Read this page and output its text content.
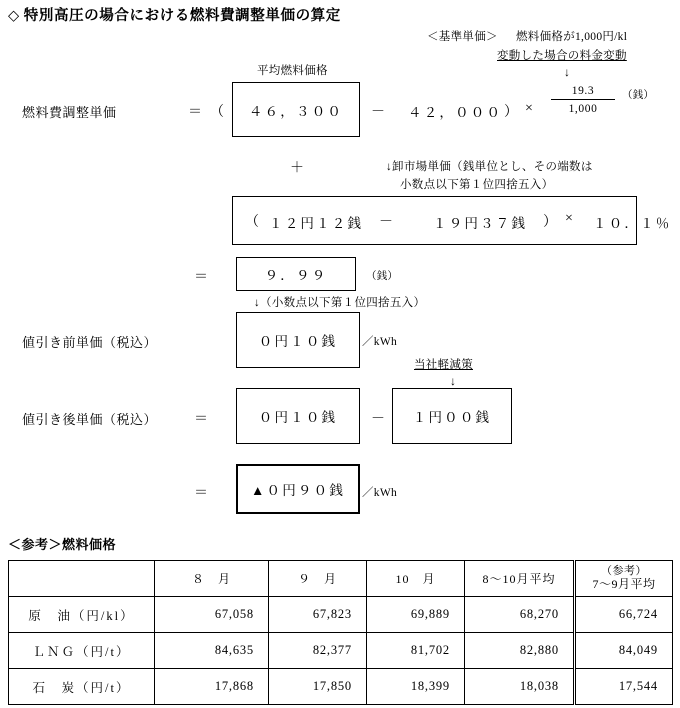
◇ 特別高圧の場合における燃料費調整単価の算定
＜基準単価＞ 燃料価格が1,000円/kl
変動した場合の料金変動
↓
燃料費調整単価	＝ （
平均燃料価格
４６，３００ － ４２，０００ ） ×
19.3
1,000
（銭）
＋	↓卸市場単価（銭単位とし、その端数は
小数点以下第１位四捨五入）
（ １２円１２銭 －	１９円３７銭 ） × １０．１％
＝	９．９９	（銭）
↓（小数点以下第１位四捨五入）
値引き前単価（税込）	０円１０銭 ／kWh
値引き後単価（税込）	＝	０円１０銭 －
当社軽減策
↓
１円００銭
＝	▲０円９０銭 ／kWh
＜参考＞燃料価格
	８　月	９　月	10　月	8～10月平均	（参考）
7～9月平均

原　油（円/kl）	67,058	67,823	69,889	68,270	66,724
ＬＮＧ（円/t）	84,635	82,377	81,702	82,880	84,049
石　炭（円/t）	17,868	17,850	18,399	18,038	17,544
